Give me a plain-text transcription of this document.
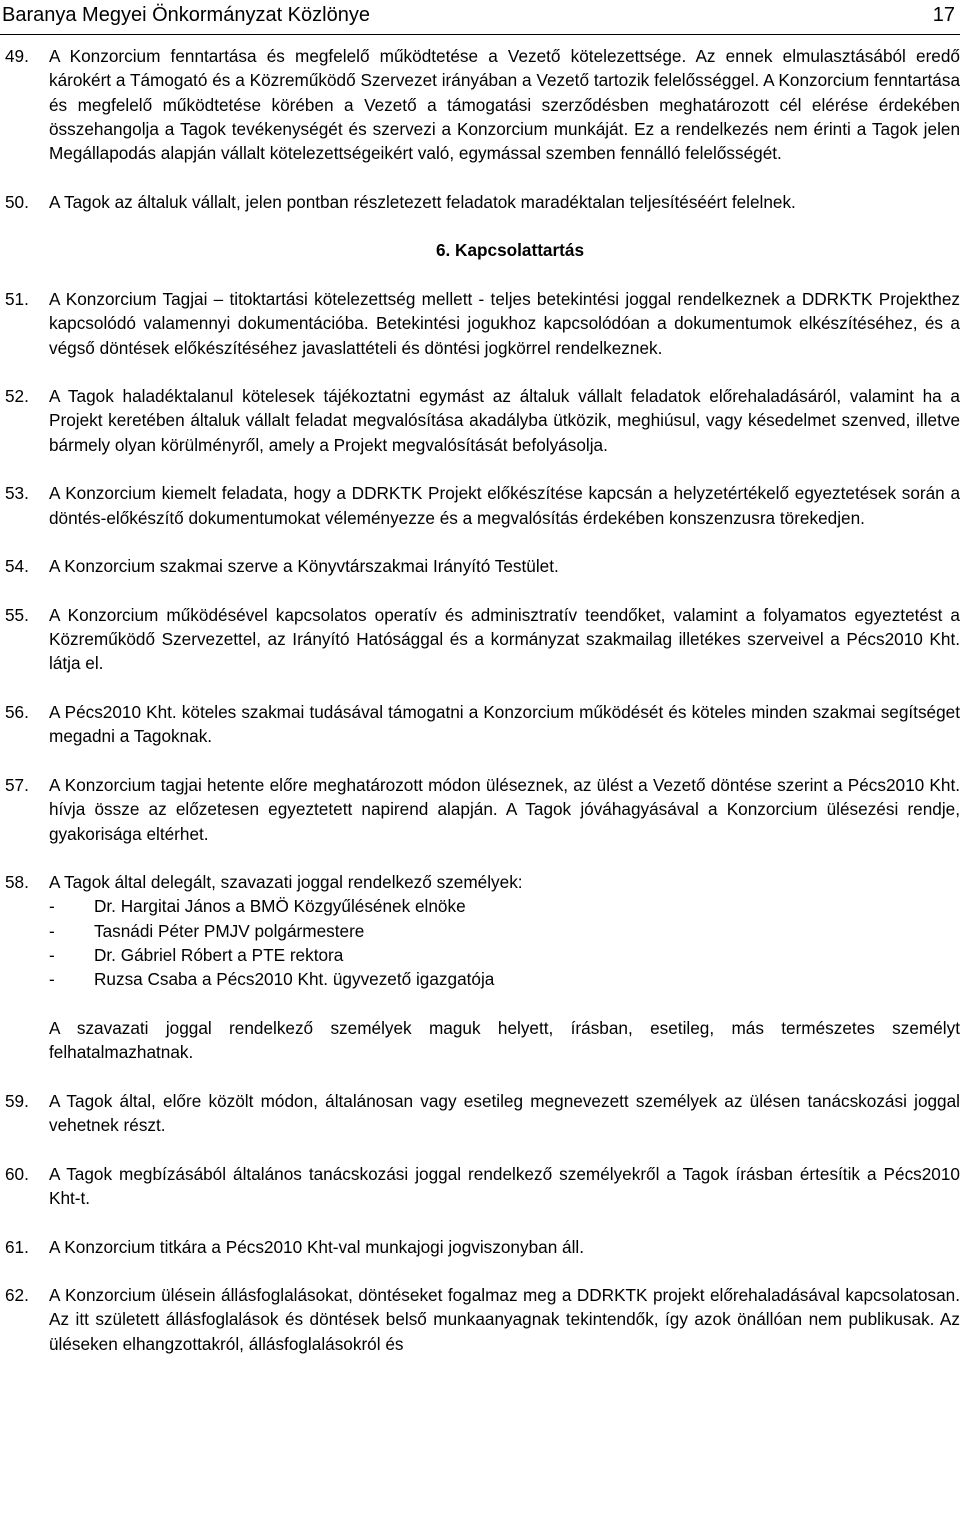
Baranya Megyei Önkormányzat Közlönye	17
49. A Konzorcium fenntartása és megfelelő működtetése a Vezető kötelezettsége. Az ennek elmulasztásából eredő károkért a Támogató és a Közreműködő Szervezet irányában a Vezető tartozik felelősséggel. A Konzorcium fenntartása és megfelelő működtetése körében a Vezető a támogatási szerződésben meghatározott cél elérése érdekében összehangolja a Tagok tevékenységét és szervezi a Konzorcium munkáját. Ez a rendelkezés nem érinti a Tagok jelen Megállapodás alapján vállalt kötelezettségeikért való, egymással szemben fennálló felelősségét.
50. A Tagok az általuk vállalt, jelen pontban részletezett feladatok maradéktalan teljesítéséért felelnek.
6. Kapcsolattartás
51. A Konzorcium Tagjai – titoktartási kötelezettség mellett - teljes betekintési joggal rendelkeznek a DDRKTK Projekthez kapcsolódó valamennyi dokumentációba. Betekintési jogukhoz kapcsolódóan a dokumentumok elkészítéséhez, és a végső döntések előkészítéséhez javaslattételi és döntési jogkörrel rendelkeznek.
52. A Tagok haladéktalanul kötelesek tájékoztatni egymást az általuk vállalt feladatok előrehaladásáról, valamint ha a Projekt keretében általuk vállalt feladat megvalósítása akadályba ütközik, meghiúsul, vagy késedelmet szenved, illetve bármely olyan körülményről, amely a Projekt megvalósítását befolyásolja.
53. A Konzorcium kiemelt feladata, hogy a DDRKTK Projekt előkészítése kapcsán a helyzetértékelő egyeztetések során a döntés-előkészítő dokumentumokat véleményezze és a megvalósítás érdekében konszenzusra törekedjen.
54. A Konzorcium szakmai szerve a Könyvtárszakmai Irányító Testület.
55. A Konzorcium működésével kapcsolatos operatív és adminisztratív teendőket, valamint a folyamatos egyeztetést a Közreműködő Szervezettel, az Irányító Hatósággal és a kormányzat szakmailag illetékes szerveivel a Pécs2010 Kht. látja el.
56. A Pécs2010 Kht. köteles szakmai tudásával támogatni a Konzorcium működését és köteles minden szakmai segítséget megadni a Tagoknak.
57. A Konzorcium tagjai hetente előre meghatározott módon üléseznek, az ülést a Vezető döntése szerint a Pécs2010 Kht. hívja össze az előzetesen egyeztetett napirend alapján. A Tagok jóváhagyásával a Konzorcium ülésezési rendje, gyakorisága eltérhet.
58. A Tagok által delegált, szavazati joggal rendelkező személyek:
- Dr. Hargitai János a BMÖ Közgyűlésének elnöke
- Tasnádi Péter PMJV polgármestere
- Dr. Gábriel Róbert a PTE rektora
- Ruzsa Csaba a Pécs2010 Kht. ügyvezető igazgatója
A szavazati joggal rendelkező személyek maguk helyett, írásban, esetileg, más természetes személyt felhatalmazhatnak.
59. A Tagok által, előre közölt módon, általánosan vagy esetileg megnevezett személyek az ülésen tanácskozási joggal vehetnek részt.
60. A Tagok megbízásából általános tanácskozási joggal rendelkező személyekről a Tagok írásban értesítik a Pécs2010 Kht-t.
61. A Konzorcium titkára a Pécs2010 Kht-val munkajogi jogviszonyban áll.
62. A Konzorcium ülésein állásfoglalásokat, döntéseket fogalmaz meg a DDRKTK projekt előrehaladásával kapcsolatosan. Az itt született állásfoglalások és döntések belső munkaanyagnak tekintendők, így azok önállóan nem publikusak. Az üléseken elhangzottakról, állásfoglalásokról és
